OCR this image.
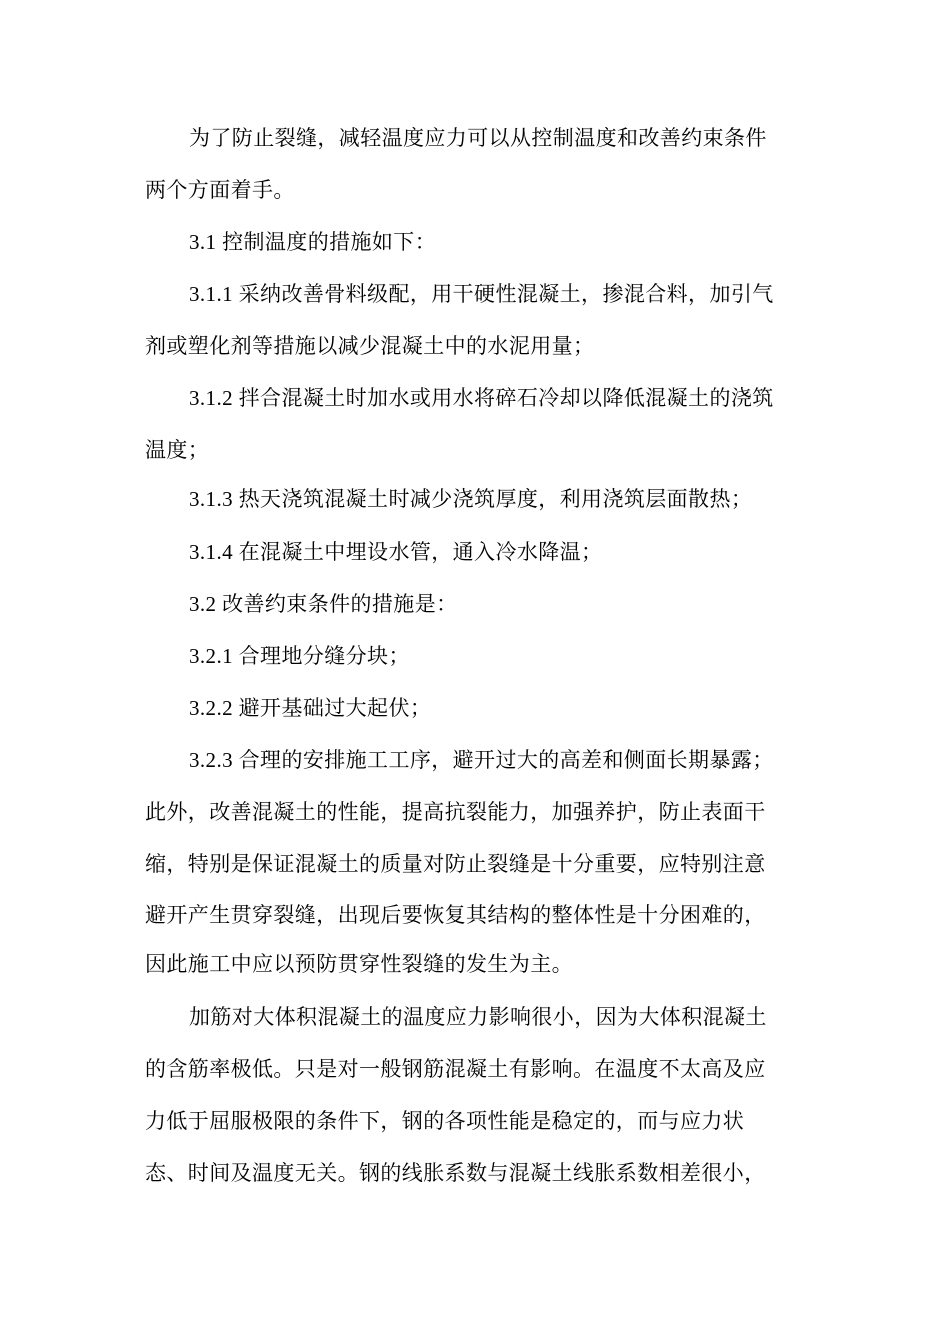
为了防止裂缝，减轻温度应力可以从控制温度和改善约束条件

两个方面着手。

3.1 控制温度的措施如下：

3.1.1 采纳改善骨料级配，用干硬性混凝土，掺混合料，加引气

剂或塑化剂等措施以减少混凝土中的水泥用量；

3.1.2 拌合混凝土时加水或用水将碎石冷却以降低混凝土的浇筑

温度；

3.1.3 热天浇筑混凝土时减少浇筑厚度，利用浇筑层面散热；

3.1.4 在混凝土中埋设水管，通入冷水降温；

3.2 改善约束条件的措施是：

3.2.1 合理地分缝分块；

3.2.2 避开基础过大起伏；

3.2.3 合理的安排施工工序，避开过大的高差和侧面长期暴露；

此外，改善混凝土的性能，提高抗裂能力，加强养护，防止表面干

缩，特别是保证混凝土的质量对防止裂缝是十分重要，应特别注意

避开产生贯穿裂缝，出现后要恢复其结构的整体性是十分困难的，

因此施工中应以预防贯穿性裂缝的发生为主。

加筋对大体积混凝土的温度应力影响很小，因为大体积混凝土

的含筋率极低。只是对一般钢筋混凝土有影响。在温度不太高及应

力低于屈服极限的条件下，钢的各项性能是稳定的，而与应力状

态、时间及温度无关。钢的线胀系数与混凝土线胀系数相差很小，
